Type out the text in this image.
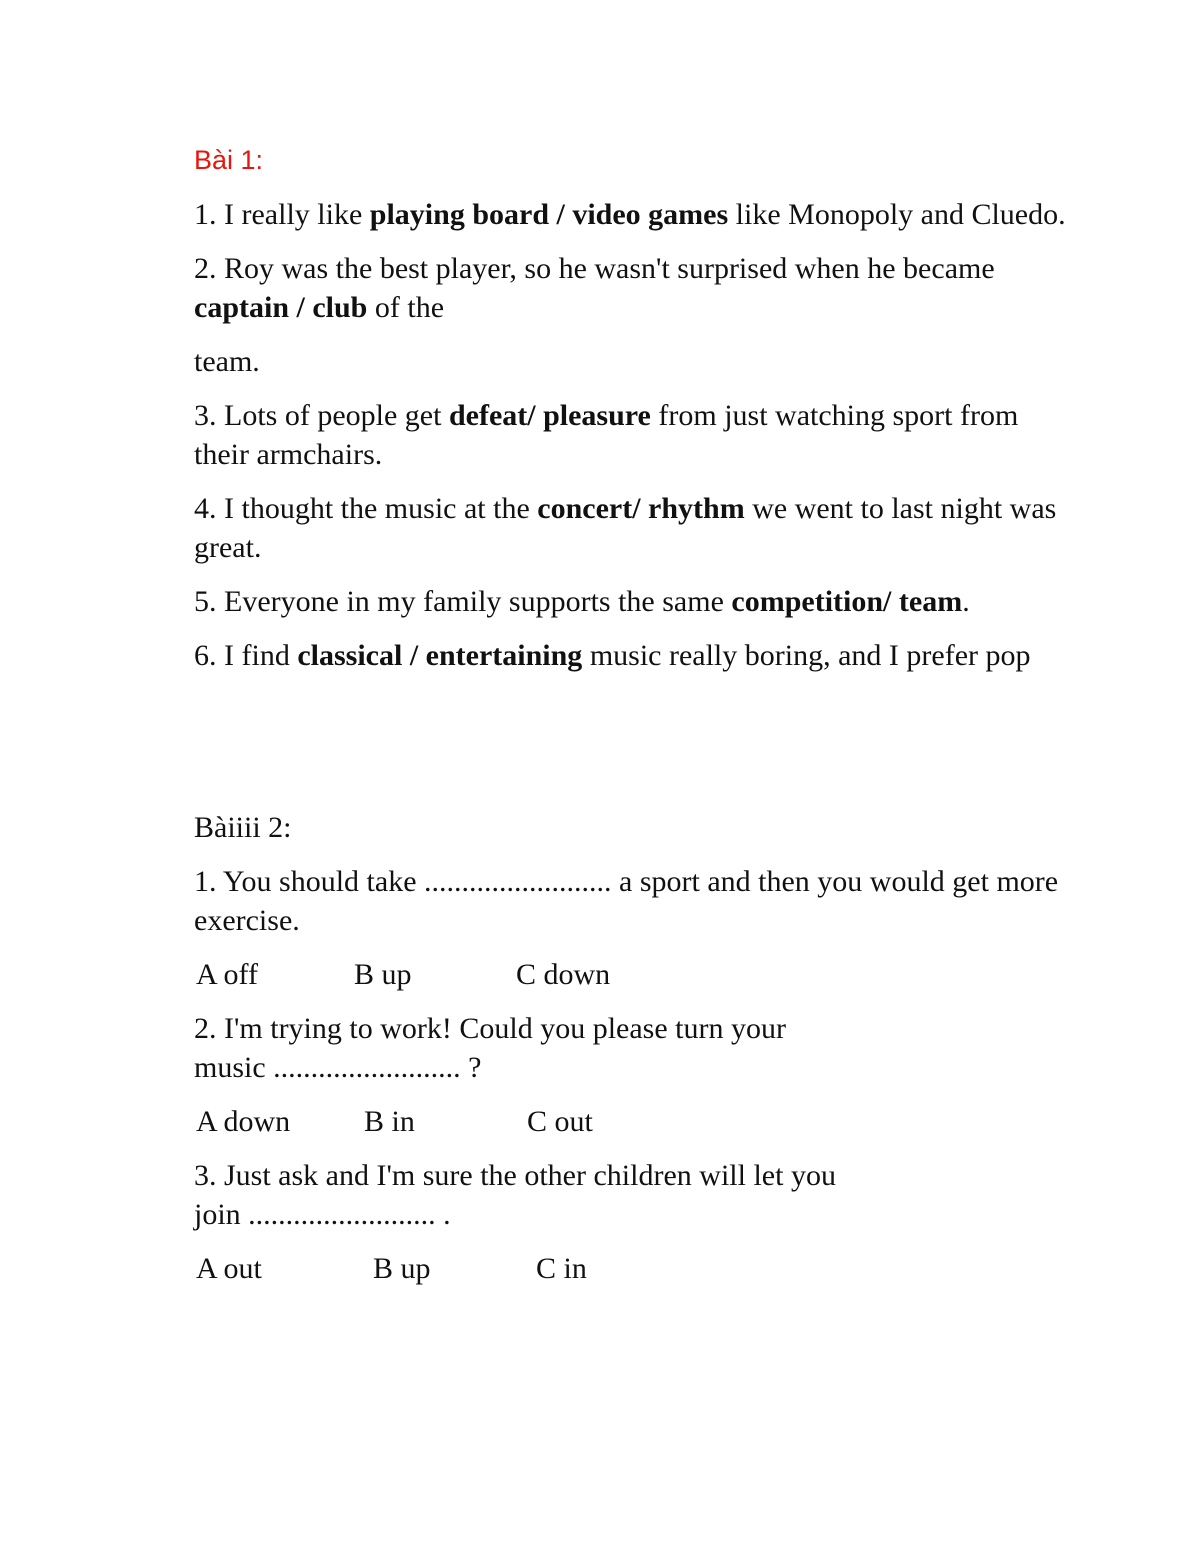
Bài 1:

1. I really like playing board / video games like Monopoly and Cluedo.

2. Roy was the best player, so he wasn't surprised when he became captain / club of the

team.

3. Lots of people get defeat/ pleasure from just watching sport from their armchairs.

4. I thought the music at the concert/ rhythm we went to last night was great.

5. Everyone in my family supports the same competition/ team.

6. I find classical / entertaining music really boring, and I prefer pop

Bàiiii 2:

1. You should take ......................... a sport and then you would get more exercise.

A off	B up	C down

2. I'm trying to work! Could you please turn your
music ......................... ?

A down B in	C out

3. Just ask and I'm sure the other children will let you
join ......................... .

A out	B up	C in
